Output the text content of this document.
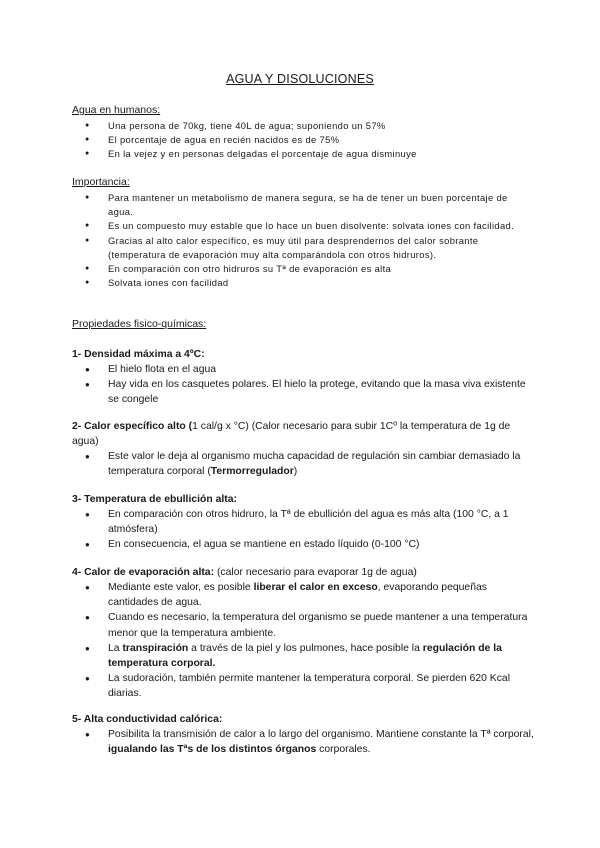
AGUA Y DISOLUCIONES
Agua en humanos:
● Una persona de 70kg, tiene 40L de agua; suponiendo un 57%
● El porcentaje de agua en recién nacidos es de 75%
● En la vejez y en personas delgadas el porcentaje de agua disminuye
Importancia:
● Para mantener un metabolismo de manera segura, se ha de tener un buen porcentaje de agua.
● Es un compuesto muy estable que lo hace un buen disolvente: solvata iones con facilidad.
● Gracias al alto calor específico, es muy útil para desprendernos del calor sobrante (temperatura de evaporación muy alta comparándola con otros hidruros).
● En comparación con otro hidruros su Tª de evaporación es alta
● Solvata iones con facilidad
Propiedades fisico-químicas:
1- Densidad máxima a 4ºC:
● El hielo flota en el agua
● Hay vida en los casquetes polares. El hielo la protege, evitando que la masa viva existente se congele
2- Calor específico alto (1 cal/g x °C) (Calor necesario para subir 1Cº la temperatura de 1g de agua)
● Este valor le deja al organismo mucha capacidad de regulación sin cambiar demasiado la temperatura corporal (Termorregulador)
3- Temperatura de ebullición alta:
● En comparación con otros hidruro, la Tª de ebullición del agua es más alta (100 °C, a 1 atmósfera)
● En consecuencia, el agua se mantiene en estado líquido (0-100 °C)
4- Calor de evaporación alta: (calor necesario para evaporar 1g de agua)
● Mediante este valor, es posible liberar el calor en exceso, evaporando pequeñas cantidades de agua.
● Cuando es necesario, la temperatura del organismo se puede mantener a una temperatura menor que la temperatura ambiente.
● La transpiración a través de la piel y los pulmones, hace posible la regulación de la temperatura corporal.
● La sudoración, también permite mantener la temperatura corporal. Se pierden 620 Kcal diarias.
5- Alta conductividad calórica:
● Posibilita la transmisión de calor a lo largo del organismo. Mantiene constante la Tª corporal, igualando las Tªs de los distintos órganos corporales.
